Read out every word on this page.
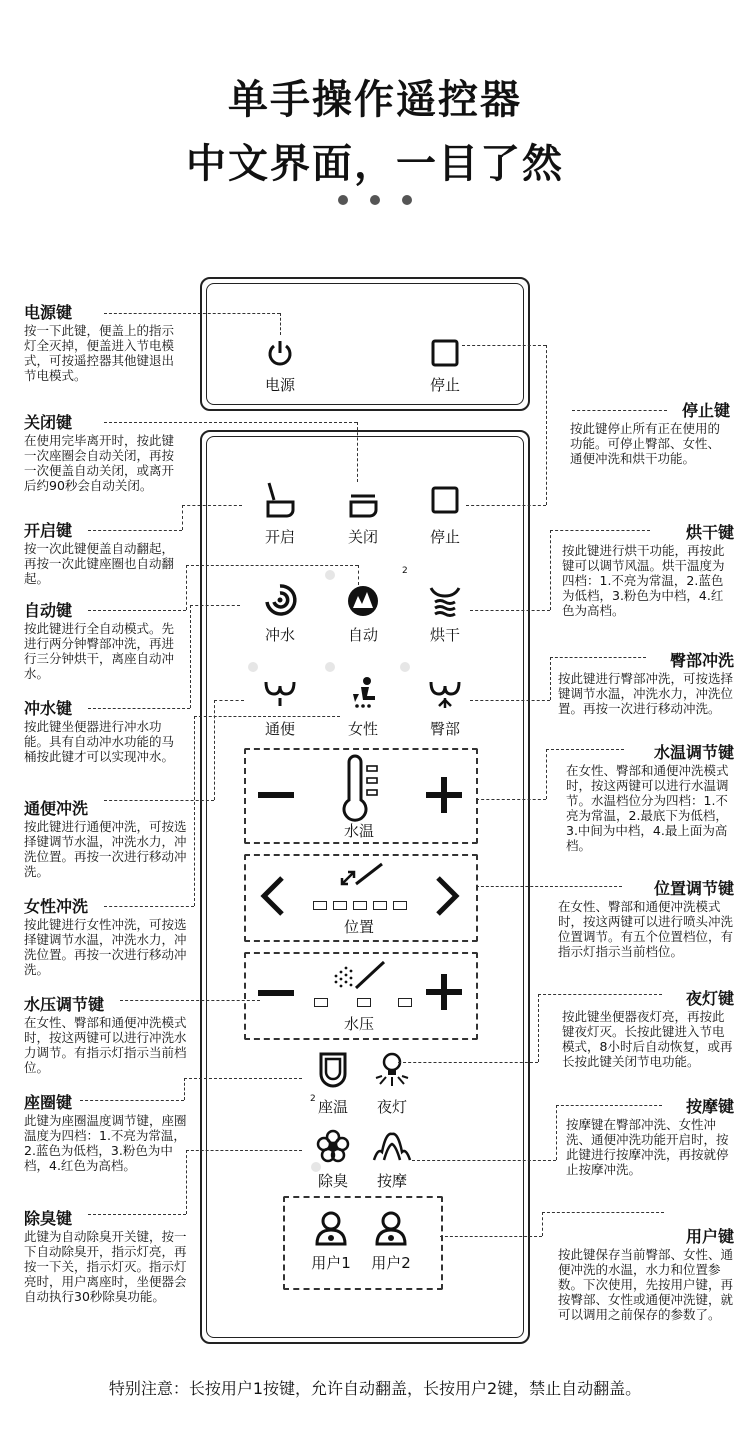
单手操作遥控器
中文界面，一目了然
电源	停止
开启	关闭	停止
2
冲水	自动	烘干
通便	女性	臀部
水温
位置
水压
2 座温	夜灯
除臭	按摩
用户1	用户2
电源键
按一下此键，便盖上的指示灯全灭掉，便盖进入节电模式，可按遥控器其他键退出节电模式。
关闭键
在使用完毕离开时，按此键一次座圈会自动关闭，再按一次便盖自动关闭，或离开后约90秒会自动关闭。
开启键
按一次此键便盖自动翻起，再按一次此键座圈也自动翻起。
自动键
按此键进行全自动模式。先进行两分钟臀部冲洗，再进行三分钟烘干，离座自动冲水。
冲水键
按此键坐便器进行冲水功能。具有自动冲水功能的马桶按此键才可以实现冲水。
通便冲洗
按此键进行通便冲洗，可按选择键调节水温，冲洗水力，冲洗位置。再按一次进行移动冲洗。
女性冲洗
按此键进行女性冲洗，可按选择键调节水温，冲洗水力，冲洗位置。再按一次进行移动冲洗。
水压调节键
在女性、臀部和通便冲洗模式时，按这两键可以进行冲洗水力调节。有指示灯指示当前档位。
座圈键
此键为座圈温度调节键，座圈温度为四档：1.不亮为常温，2.蓝色为低档，3.粉色为中档，4.红色为高档。
除臭键
此键为自动除臭开关键，按一下自动除臭开，指示灯亮，再按一下关，指示灯灭。指示灯亮时，用户离座时，坐便器会自动执行30秒除臭功能。
停止键
按此键停止所有正在使用的功能。可停止臀部、女性、通便冲洗和烘干功能。
烘干键
按此键进行烘干功能，再按此键可以调节风温。烘干温度为四档：1.不亮为常温，2.蓝色为低档，3.粉色为中档，4.红色为高档。
臀部冲洗
按此键进行臀部冲洗，可按选择键调节水温，冲洗水力，冲洗位置。再按一次进行移动冲洗。
水温调节键
在女性、臀部和通便冲洗模式时，按这两键可以进行水温调节。水温档位分为四档：1.不亮为常温，2.最底下为低档，3.中间为中档，4.最上面为高档。
位置调节键
在女性、臀部和通便冲洗模式时，按这两键可以进行喷头冲洗位置调节。有五个位置档位，有指示灯指示当前档位。
夜灯键
按此键坐便器夜灯亮，再按此键夜灯灭。长按此键进入节电模式，8小时后自动恢复，或再长按此键关闭节电功能。
按摩键
按摩键在臀部冲洗、女性冲洗、通便冲洗功能开启时，按此键进行按摩冲洗，再按就停止按摩冲洗。
用户键
按此键保存当前臀部、女性、通便冲洗的水温，水力和位置参数。下次使用，先按用户键，再按臀部、女性或通便冲洗键，就可以调用之前保存的参数了。
特别注意：长按用户1按键，允许自动翻盖，长按用户2键，禁止自动翻盖。
